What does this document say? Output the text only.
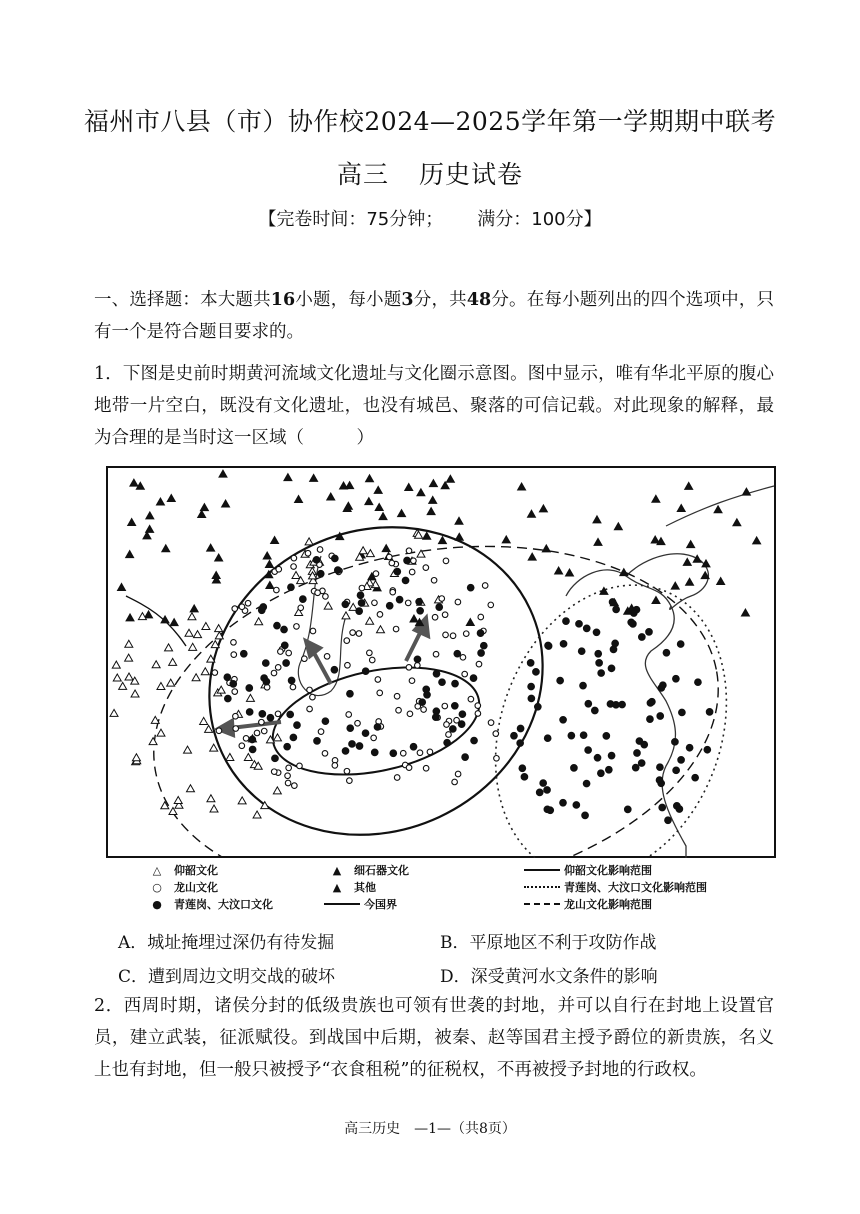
福州市八县（市）协作校2024—2025学年第一学期期中联考
高三 历史试卷
【完卷时间：75分钟； 满分：100分】
一、选择题：本大题共16小题，每小题3分，共48分。在每小题列出的四个选项中，只有一个是符合题目要求的。
1．下图是史前时期黄河流域文化遗址与文化圈示意图。图中显示，唯有华北平原的腹心地带一片空白，既没有文化遗址，也没有城邑、聚落的可信记载。对此现象的解释，最为合理的是当时这一区域（　　　）
△	仰韶文化	▲	细石器文化	仰韶文化影响范围
○	龙山文化	▲	其他	青莲岗、大汶口文化影响范围
●	青莲岗、大汶口文化	今国界	龙山文化影响范围
A．城址掩埋过深仍有待发掘	B．平原地区不利于攻防作战
C．遭到周边文明交战的破坏	D．深受黄河水文条件的影响
2．西周时期，诸侯分封的低级贵族也可领有世袭的封地，并可以自行在封地上设置官员，建立武装，征派赋役。到战国中后期，被秦、赵等国君主授予爵位的新贵族，名义上也有封地，但一般只被授予“衣食租税”的征税权，不再被授予封地的行政权。
高三历史　—1—（共8页）
